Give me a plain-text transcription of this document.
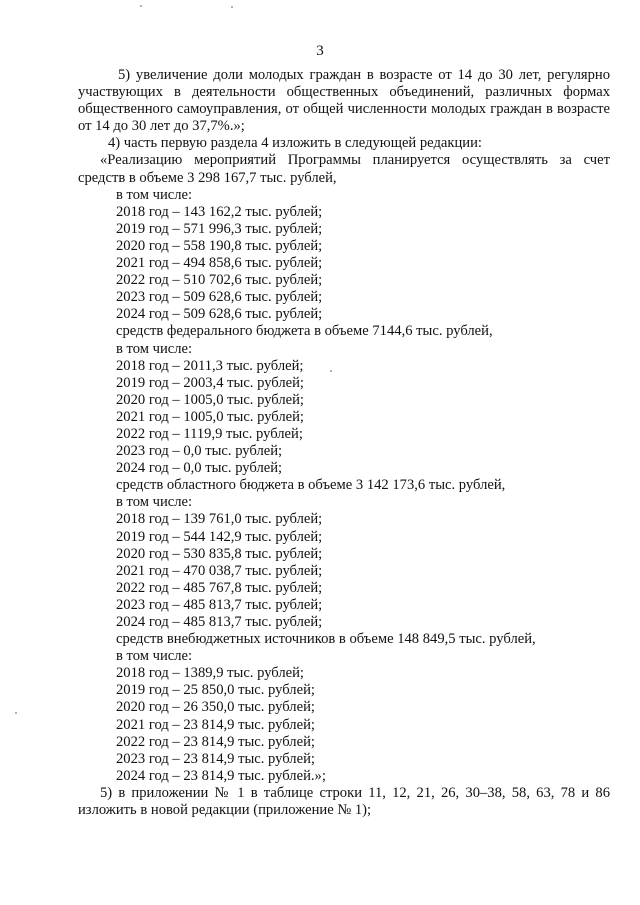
3

5) увеличение доли молодых граждан в возрасте от 14 до 30 лет, регулярно участвующих в деятельности общественных объединений, различных формах общественного самоуправления, от общей численности молодых граждан в возрасте от 14 до 30 лет до 37,7%.»;

4) часть первую раздела 4 изложить в следующей редакции:

«Реализацию мероприятий Программы планируется осуществлять за счет средств в объеме 3 298 167,7 тыс. рублей,

в том числе:
2018 год – 143 162,2 тыс. рублей;
2019 год – 571 996,3 тыс. рублей;
2020 год – 558 190,8 тыс. рублей;
2021 год – 494 858,6 тыс. рублей;
2022 год – 510 702,6 тыс. рублей;
2023 год – 509 628,6 тыс. рублей;
2024 год – 509 628,6 тыс. рублей;
средств федерального бюджета в объеме 7144,6 тыс. рублей,
в том числе:
2018 год – 2011,3 тыс. рублей;
2019 год – 2003,4 тыс. рублей;
2020 год – 1005,0 тыс. рублей;
2021 год – 1005,0 тыс. рублей;
2022 год – 1119,9 тыс. рублей;
2023 год – 0,0 тыс. рублей;
2024 год – 0,0 тыс. рублей;
средств областного бюджета в объеме 3 142 173,6 тыс. рублей,
в том числе:
2018 год – 139 761,0 тыс. рублей;
2019 год – 544 142,9 тыс. рублей;
2020 год – 530 835,8 тыс. рублей;
2021 год – 470 038,7 тыс. рублей;
2022 год – 485 767,8 тыс. рублей;
2023 год – 485 813,7 тыс. рублей;
2024 год – 485 813,7 тыс. рублей;
средств внебюджетных источников в объеме 148 849,5 тыс. рублей,
в том числе:
2018 год – 1389,9 тыс. рублей;
2019 год – 25 850,0 тыс. рублей;
2020 год – 26 350,0 тыс. рублей;
2021 год – 23 814,9 тыс. рублей;
2022 год – 23 814,9 тыс. рублей;
2023 год – 23 814,9 тыс. рублей;
2024 год – 23 814,9 тыс. рублей.»;

5) в приложении № 1 в таблице строки 11, 12, 21, 26, 30–38, 58, 63, 78 и 86 изложить в новой редакции (приложение № 1);
